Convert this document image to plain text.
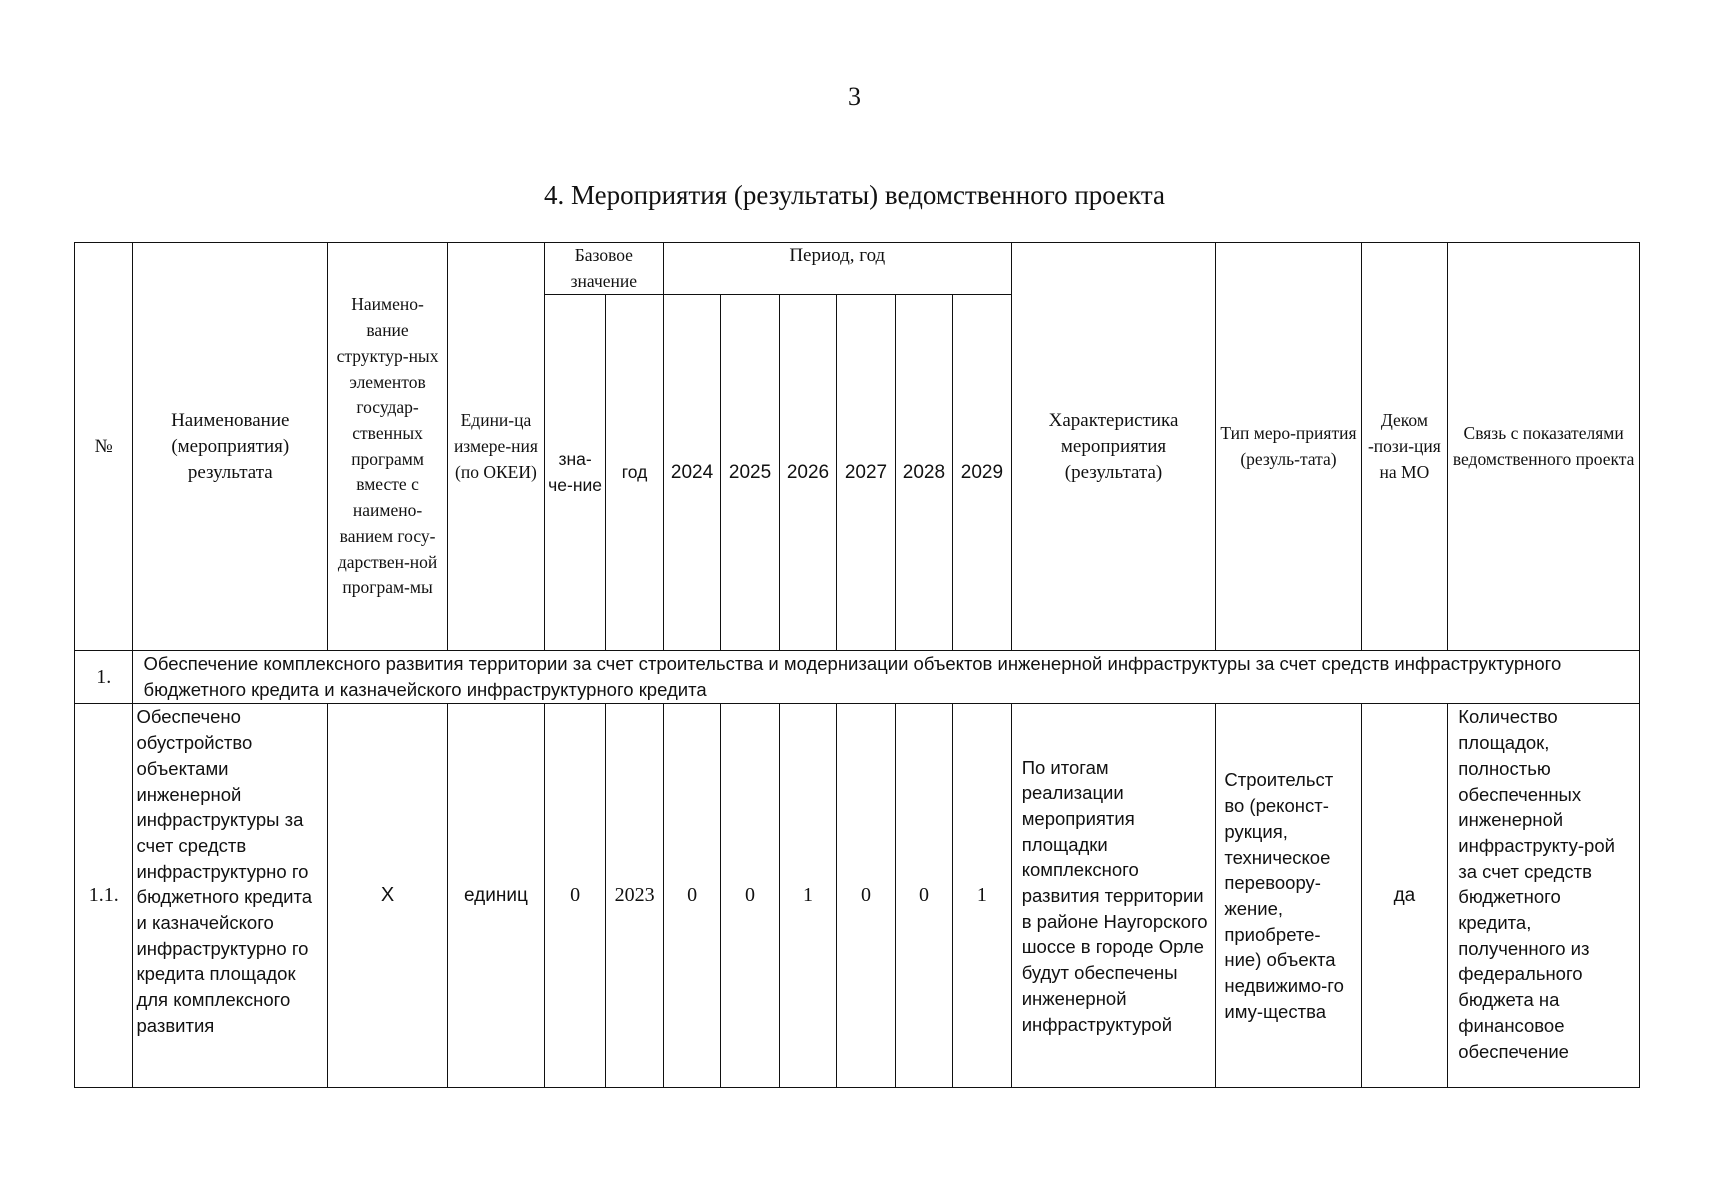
3
4. Мероприятия (результаты) ведомственного проекта
№	Наименование (мероприятия) результата	Наимено-вание структур-ных элементов государ-ственных программ вместе с наимено-ванием госу-дарствен-ной програм-мы	Едини-ца измере-ния (по ОКЕИ)	Базовое значение		Период, год						Характеристика мероприятия (результата)	Тип меро-приятия (резуль-тата)	Деком -пози-ция на МО	Связь с показателями ведомственного проекта
				зна-че-ние	год	2024	2025	2026	2027	2028	2029				
1.	Обеспечение комплексного развития территории за счет строительства и модернизации объектов инженерной инфраструктуры за счет средств инфраструктурного бюджетного кредита и казначейского инфраструктурного кредита														
1.1.	Обеспечено обустройство объектами инженерной инфраструктуры за счет средств инфраструктурно го бюджетного кредита и казначейского инфраструктурно го кредита площадок для комплексного развития	Х	единиц	0	2023	0	0	1	0	0	1	По итогам реализации мероприятия площадки комплексного развития территории в районе Наугорского шоссе в городе Орле будут обеспечены инженерной инфраструктурой	Строительст во (реконст-рукция, техническое перевоору-жение, приобрете-ние) объекта недвижимо-го иму-щества	да	Количество площадок, полностью обеспеченных инженерной инфраструкту-рой за счет средств бюджетного кредита, полученного из федерального бюджета на финансовое обеспечение
